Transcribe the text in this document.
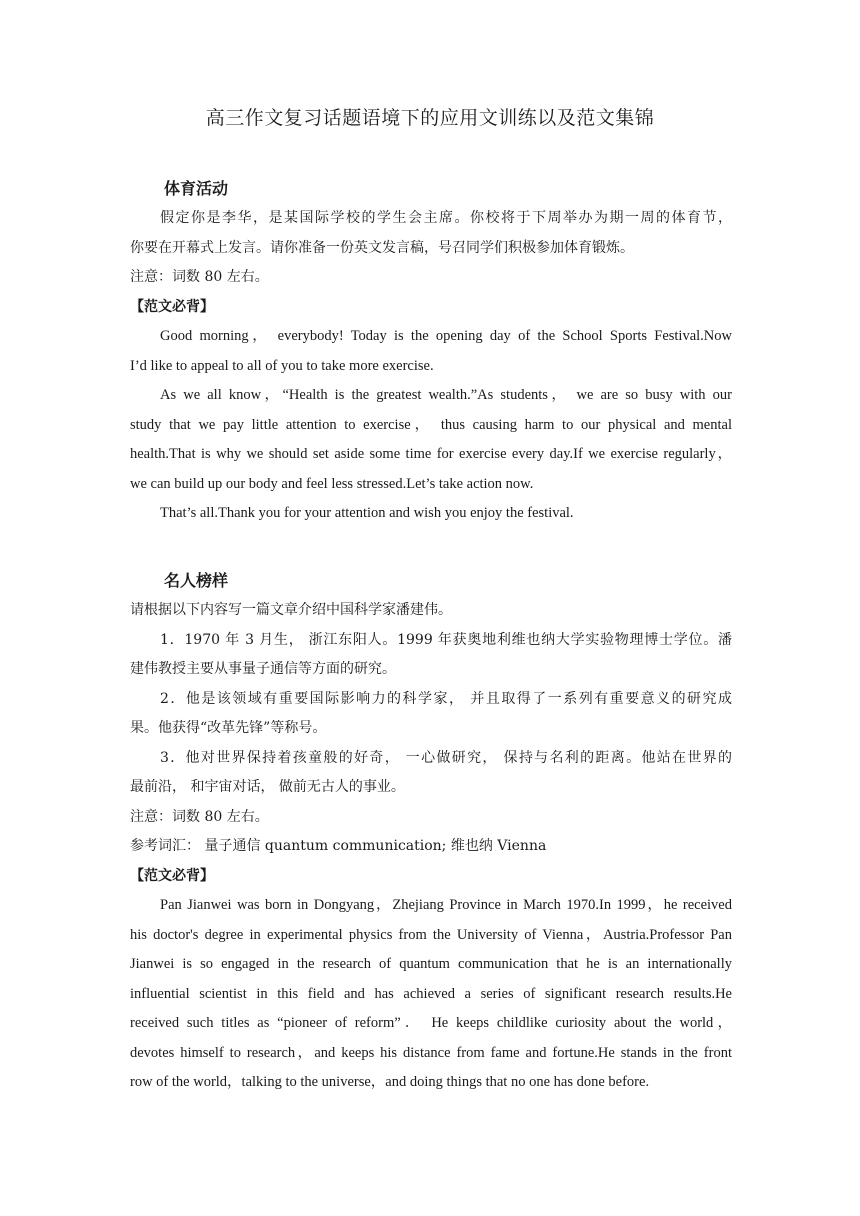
高三作文复习话题语境下的应用文训练以及范文集锦
体育活动
假定你是李华，是某国际学校的学生会主席。你校将于下周举办为期一周的体育节，
你要在开幕式上发言。请你准备一份英文发言稿，号召同学们积极参加体育锻炼。
注意：词数 80 左右。
【范文必背】
Good morning， everybody! Today is the opening day of the School Sports Festival.Now
I’d like to appeal to all of you to take more exercise.
As we all know，“Health is the greatest wealth.”As students， we are so busy with our
study that we pay little attention to exercise， thus causing harm to our physical and mental
health.That is why we should set aside some time for exercise every day.If we exercise regularly，
we can build up our body and feel less stressed.Let’s take action now.
That’s all.Thank you for your attention and wish you enjoy the festival.
名人榜样
请根据以下内容写一篇文章介绍中国科学家潘建伟。
1．1970 年 3 月生， 浙江东阳人。1999 年获奥地利维也纳大学实验物理博士学位。潘
建伟教授主要从事量子通信等方面的研究。
2．他是该领域有重要国际影响力的科学家， 并且取得了一系列有重要意义的研究成
果。他获得“改革先锋”等称号。
3．他对世界保持着孩童般的好奇， 一心做研究， 保持与名利的距离。他站在世界的
最前沿， 和宇宙对话， 做前无古人的事业。
注意：词数 80 左右。
参考词汇： 量子通信 quantum communication; 维也纳 Vienna
【范文必背】
Pan Jianwei was born in Dongyang，Zhejiang Province in March 1970.In 1999，he received
his doctor's degree in experimental physics from the University of Vienna，Austria.Professor Pan
Jianwei is so engaged in the research of quantum communication that he is an internationally
influential scientist in this field and has achieved a series of significant research results.He
received such titles as “pioneer of reform”． He keeps childlike curiosity about the world，
devotes himself to research，and keeps his distance from fame and fortune.He stands in the front
row of the world，talking to the universe，and doing things that no one has done before.
